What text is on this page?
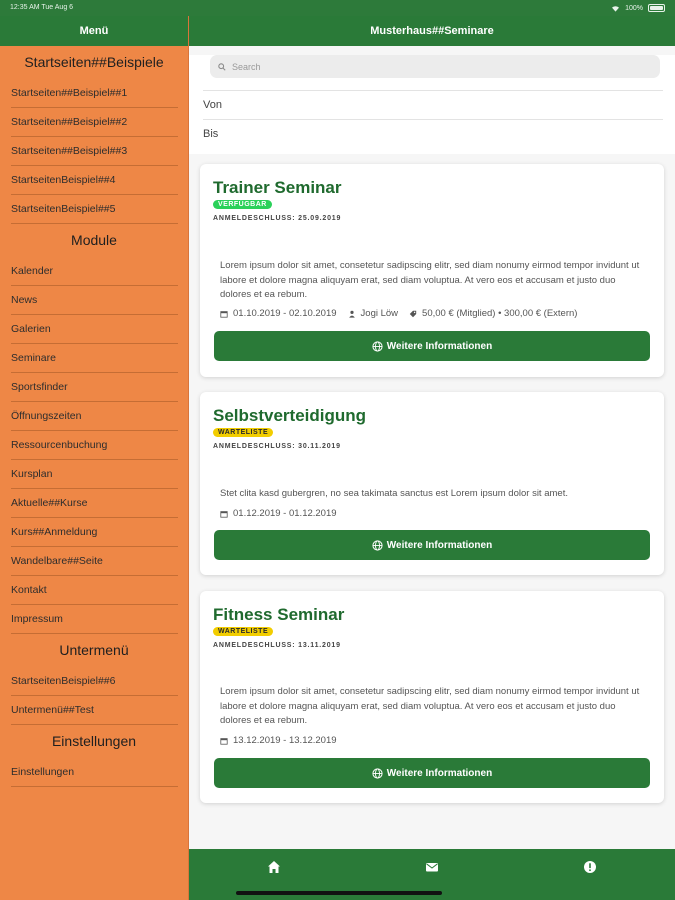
12:35 AM Tue Aug 6	100%
Menü
Startseiten##Beispiele
Startseiten##Beispiel##1
Startseiten##Beispiel##2
Startseiten##Beispiel##3
StartseitenBeispiel##4
StartseitenBeispiel##5
Module
Kalender
News
Galerien
Seminare
Sportsfinder
Öffnungszeiten
Ressourcenbuchung
Kursplan
Aktuelle##Kurse
Kurs##Anmeldung
Wandelbare##Seite
Kontakt
Impressum
Untermenü
StartseitenBeispiel##6
Untermenü##Test
Einstellungen
Einstellungen
Musterhaus##Seminare
Search
Von
Bis
Trainer Seminar
VERFÜGBAR
ANMELDESCHLUSS: 25.09.2019
Lorem ipsum dolor sit amet, consetetur sadipscing elitr, sed diam nonumy eirmod tempor invidunt ut labore et dolore magna aliquyam erat, sed diam voluptua. At vero eos et accusam et justo duo dolores et ea rebum.
01.10.2019 - 02.10.2019	Jogi Löw	50,00 € (Mitglied) • 300,00 € (Extern)
Weitere Informationen
Selbstverteidigung
WARTELISTE
ANMELDESCHLUSS: 30.11.2019
Stet clita kasd gubergren, no sea takimata sanctus est Lorem ipsum dolor sit amet.
01.12.2019 - 01.12.2019
Weitere Informationen
Fitness Seminar
WARTELISTE
ANMELDESCHLUSS: 13.11.2019
Lorem ipsum dolor sit amet, consetetur sadipscing elitr, sed diam nonumy eirmod tempor invidunt ut labore et dolore magna aliquyam erat, sed diam voluptua. At vero eos et accusam et justo duo dolores et ea rebum.
13.12.2019 - 13.12.2019
Weitere Informationen
